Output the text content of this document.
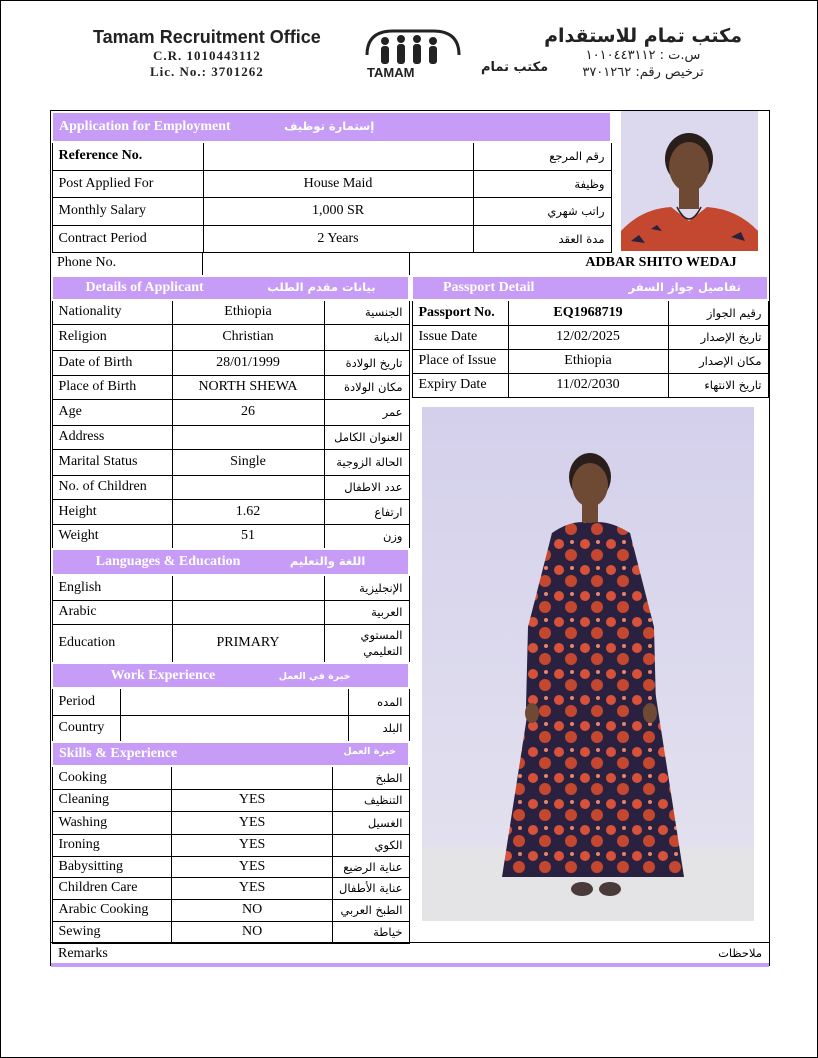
Tamam Recruitment Office
C.R. 1010443112
Lic. No.: 3701262	TAMAM	مكتب تمام
مكتب تمام للاستقدام
س.ت : ١٠١٠٤٤٣١١٢
ترخيص رقم: ٣٧٠١٢٦٢
Application for Employment إستمارة توظيف		
Reference No.		رقم المرجع
Post Applied For	House Maid	وظيفة
Monthly Salary	1,000 SR	راتب شهري
Contract Period	2 Years	مدة العقد
Phone No.		ADBAR SHITO WEDAJ
Details of Applicant بيانات مقدم الطلب		
Nationality	Ethiopia	الجنسية
Religion	Christian	الديانة
Date of Birth	28/01/1999	تاريخ الولادة
Place of Birth	NORTH SHEWA	مكان الولادة
Age	26	عمر
Address		العنوان الكامل
Marital Status	Single	الحالة الزوجية
No. of Children		عدد الاطفال
Height	1.62	ارتفاع
Weight	51	وزن
Passport Detail تفاصيل جواز السفر		

Passport No.	EQ1968719	رقيم الجواز
Issue Date	12/02/2025	تاريخ الإصدار
Place of Issue	Ethiopia	مكان الإصدار
Expiry Date	11/02/2030	تاريخ الانتهاء
Languages & Education اللغة والتعليم		
English		الإنجليزية
Arabic		العربية
Education	PRIMARY	المستوي التعليمي
Work Experience خبرة في العمل		
Period		المده
Country		البلد
Skills & Experience خبرة العمل		

Cooking		الطبخ
Cleaning	YES	التنظيف
Washing	YES	الغسيل
Ironing	YES	الكوي
Babysitting	YES	عناية الرضيع
Children Care	YES	عناية الأطفال
Arabic Cooking	NO	الطبخ العربي
Sewing	NO	خياطة
Remarks	ملاحظات
